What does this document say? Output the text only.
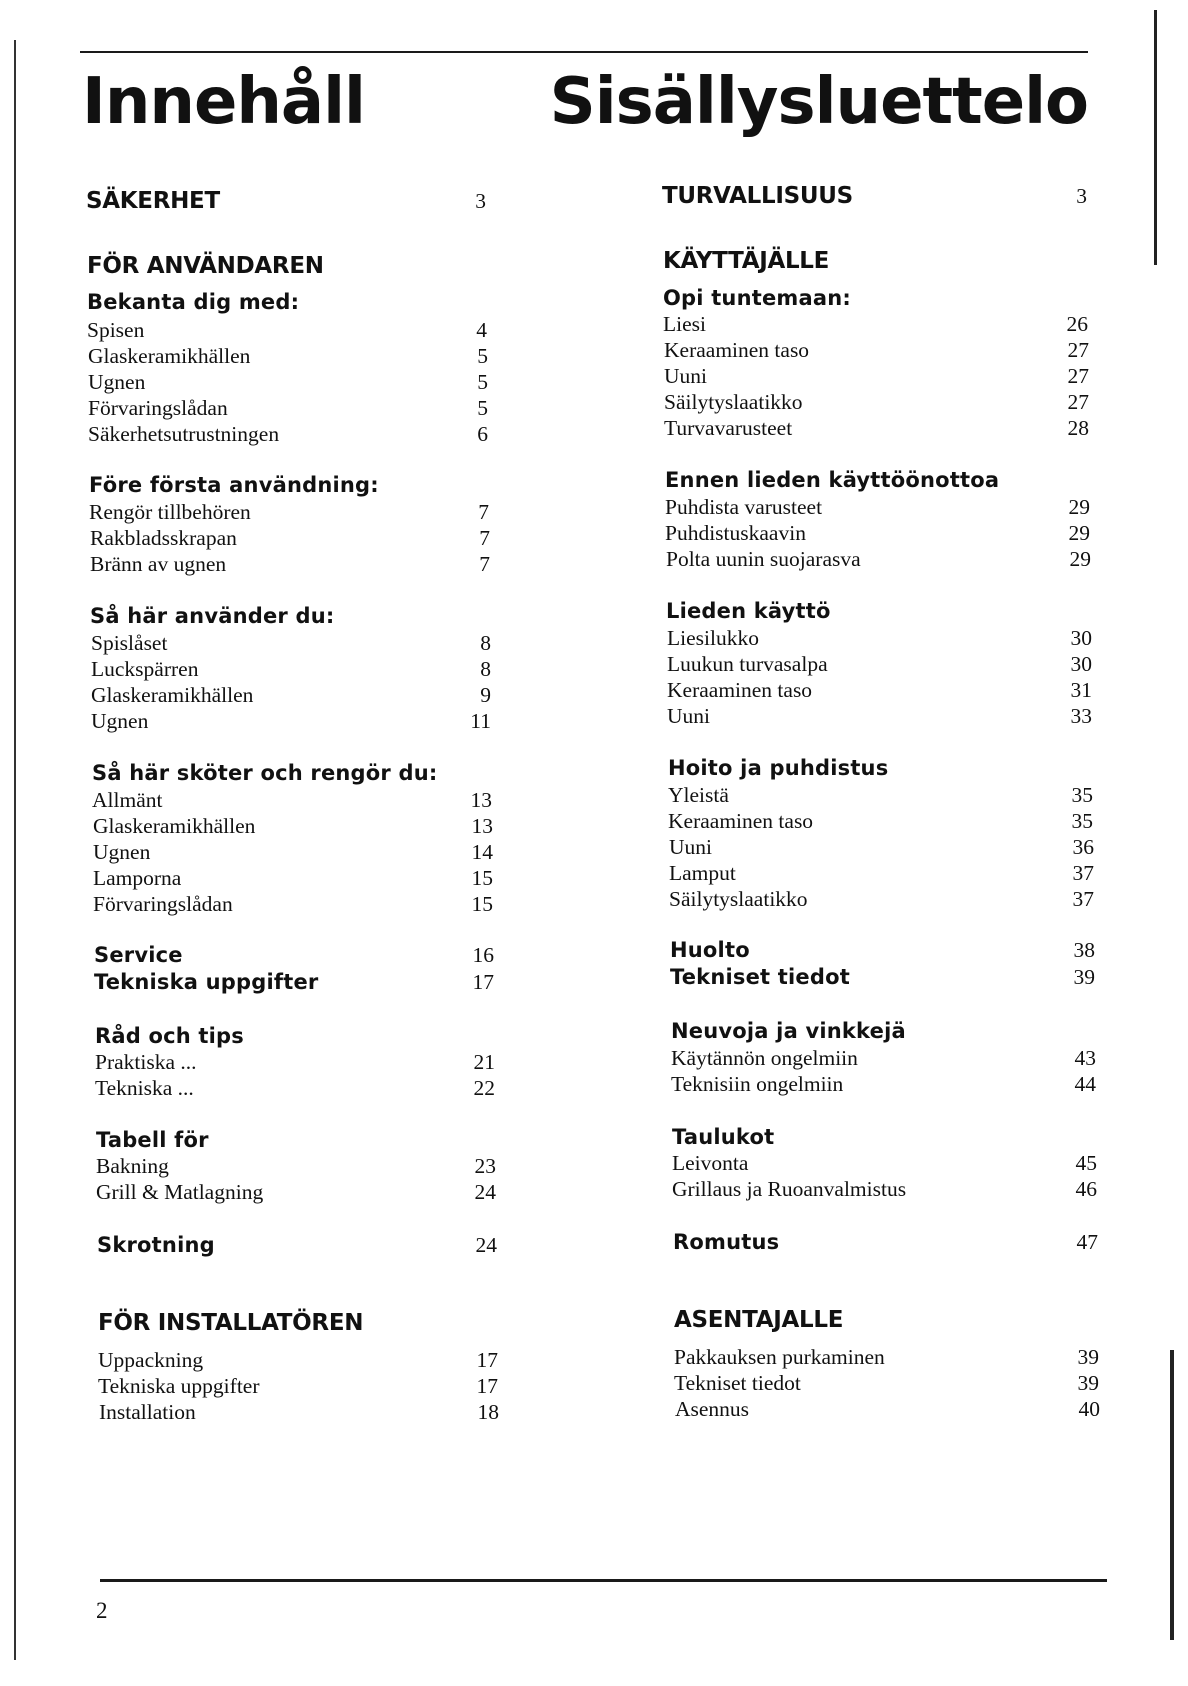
Innehåll	Sisällysluettelo
SÄKERHET	3
FÖR ANVÄNDAREN
Bekanta dig med:
Spisen	4
Glaskeramikhällen	5
Ugnen	5
Förvaringslådan	5
Säkerhetsutrustningen	6
Före första användning:
Rengör tillbehören	7
Rakbladsskrapan	7
Bränn av ugnen	7
Så här använder du:
Spislåset	8
Luckspärren	8
Glaskeramikhällen	9
Ugnen	11
Så här sköter och rengör du:
Allmänt	13
Glaskeramikhällen	13
Ugnen	14
Lamporna	15
Förvaringslådan	15
Service	16
Tekniska uppgifter	17
Råd och tips
Praktiska ...	21
Tekniska ...	22
Tabell för
Bakning	23
Grill & Matlagning	24
Skrotning	24
FÖR INSTALLATÖREN
Uppackning	17
Tekniska uppgifter	17
Installation	18
TURVALLISUUS	3
KÄYTTÄJÄLLE
Opi tuntemaan:
Liesi	26
Keraaminen taso	27
Uuni	27
Säilytyslaatikko	27
Turvavarusteet	28
Ennen lieden käyttöönottoa
Puhdista varusteet	29
Puhdistuskaavin	29
Polta uunin suojarasva	29
Lieden käyttö
Liesilukko	30
Luukun turvasalpa	30
Keraaminen taso	31
Uuni	33
Hoito ja puhdistus
Yleistä	35
Keraaminen taso	35
Uuni	36
Lamput	37
Säilytyslaatikko	37
Huolto	38
Tekniset tiedot	39
Neuvoja ja vinkkejä
Käytännön ongelmiin	43
Teknisiin ongelmiin	44
Taulukot
Leivonta	45
Grillaus ja Ruoanvalmistus	46
Romutus	47
ASENTAJALLE
Pakkauksen purkaminen	39
Tekniset tiedot	39
Asennus	40
2
